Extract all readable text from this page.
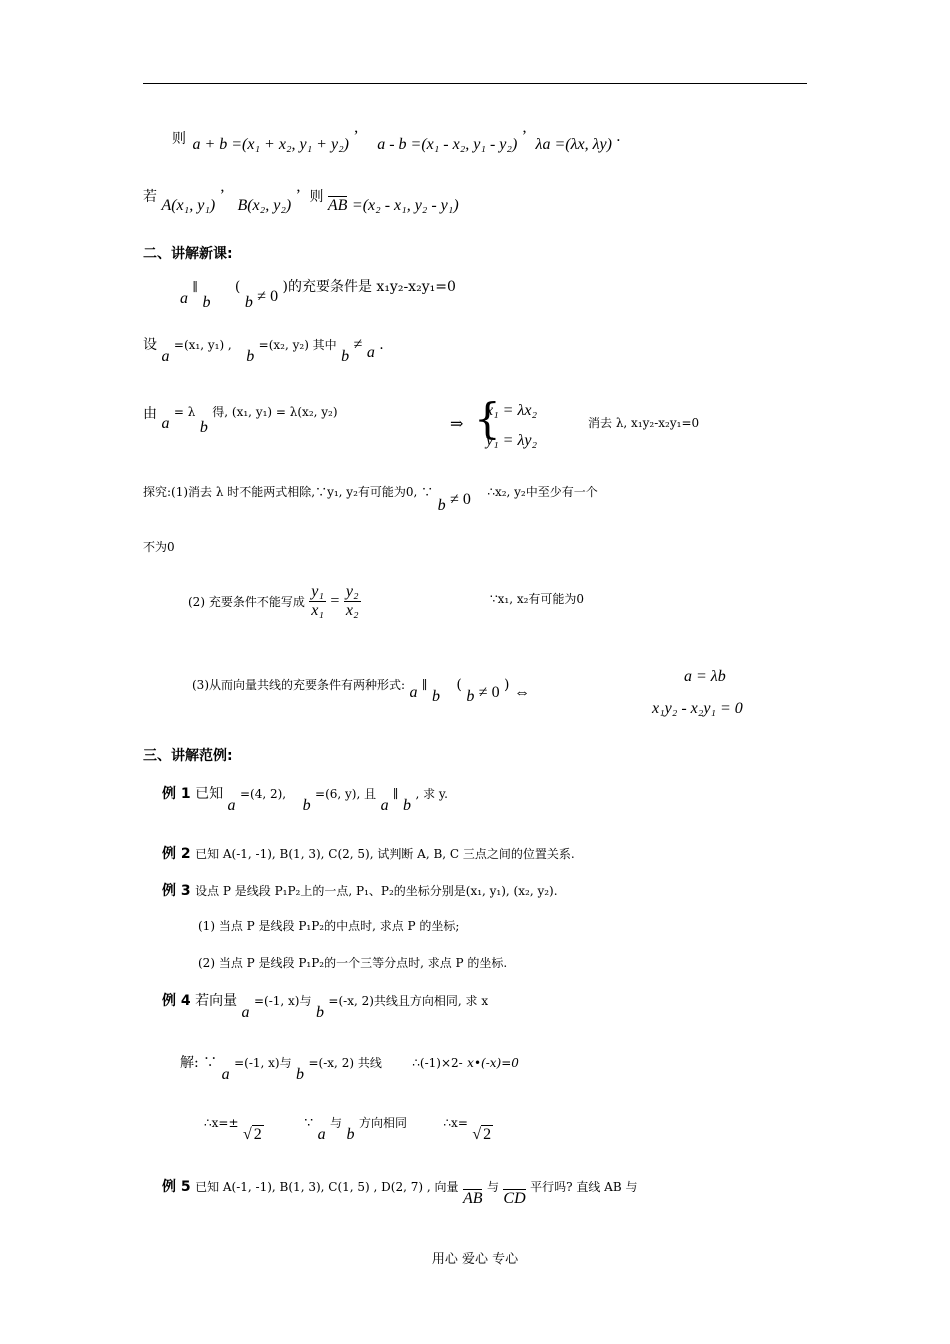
则 a + b =(x₁ + x₂, y₁ + y₂) ’ a - b =(x₁ - x₂, y₁ - y₂) ’ λa =(λx, λy) .
若 A(x₁, y₁) ’ B(x₂, y₂) ’ 则 AB =(x₂ - x₁, y₂ - y₁)
二、讲解新课:
a ∥ b ( b ≠ 0 )的充要条件是 x₁y₂-x₂y₁=0
设 a =(x₁, y₁) , b =(x₂, y₂) 其中 b ≠ a .
由 a = λ b 得, (x₁, y₁) = λ(x₂, y₂)
⇒ {
x₁ = λx₂
y₁ = λy₂
消去 λ, x₁y₂-x₂y₁=0
探究:(1)消去 λ 时不能两式相除,∵y₁, y₂有可能为0, ∵ b ≠ 0 ∴x₂, y₂中至少有一个
不为0
(2) 充要条件不能写成 $\frac{\text{y₁}}{\text{x₁}} = \frac{\text{y₂}}{\text{x₂}}$	∵x₁, x₂有可能为0
(3)从而向量共线的充要条件有两种形式: a ∥ b ( b ≠ 0 ) ⇔
a = λb
x₁y₂ - x₂y₁ = 0
三、讲解范例:
例 1 已知 a =(4, 2), b =(6, y), 且 a ∥ b , 求 y.
例 2 已知 A(-1, -1), B(1, 3), C(2, 5), 试判断 A, B, C 三点之间的位置关系.
例 3 设点 P 是线段 P₁P₂上的一点, P₁、P₂的坐标分别是(x₁, y₁), (x₂, y₂).
(1) 当点 P 是线段 P₁P₂的中点时, 求点 P 的坐标;
(2) 当点 P 是线段 P₁P₂的一个三等分点时, 求点 P 的坐标.
例 4 若向量 a =(-1, x)与 b =(-x, 2)共线且方向相同, 求 x
解: ∵ a =(-1, x)与 b =(-x, 2) 共线	∴(-1)×2- x•(-x)=0
∴x=± √ 2 ∵ a 与 b 方向相同	∴x= √ 2
例 5 已知 A(-1, -1), B(1, 3), C(1, 5) , D(2, 7) , 向量 AB 与 CD 平行吗? 直线 AB 与
用心 爱心 专心
